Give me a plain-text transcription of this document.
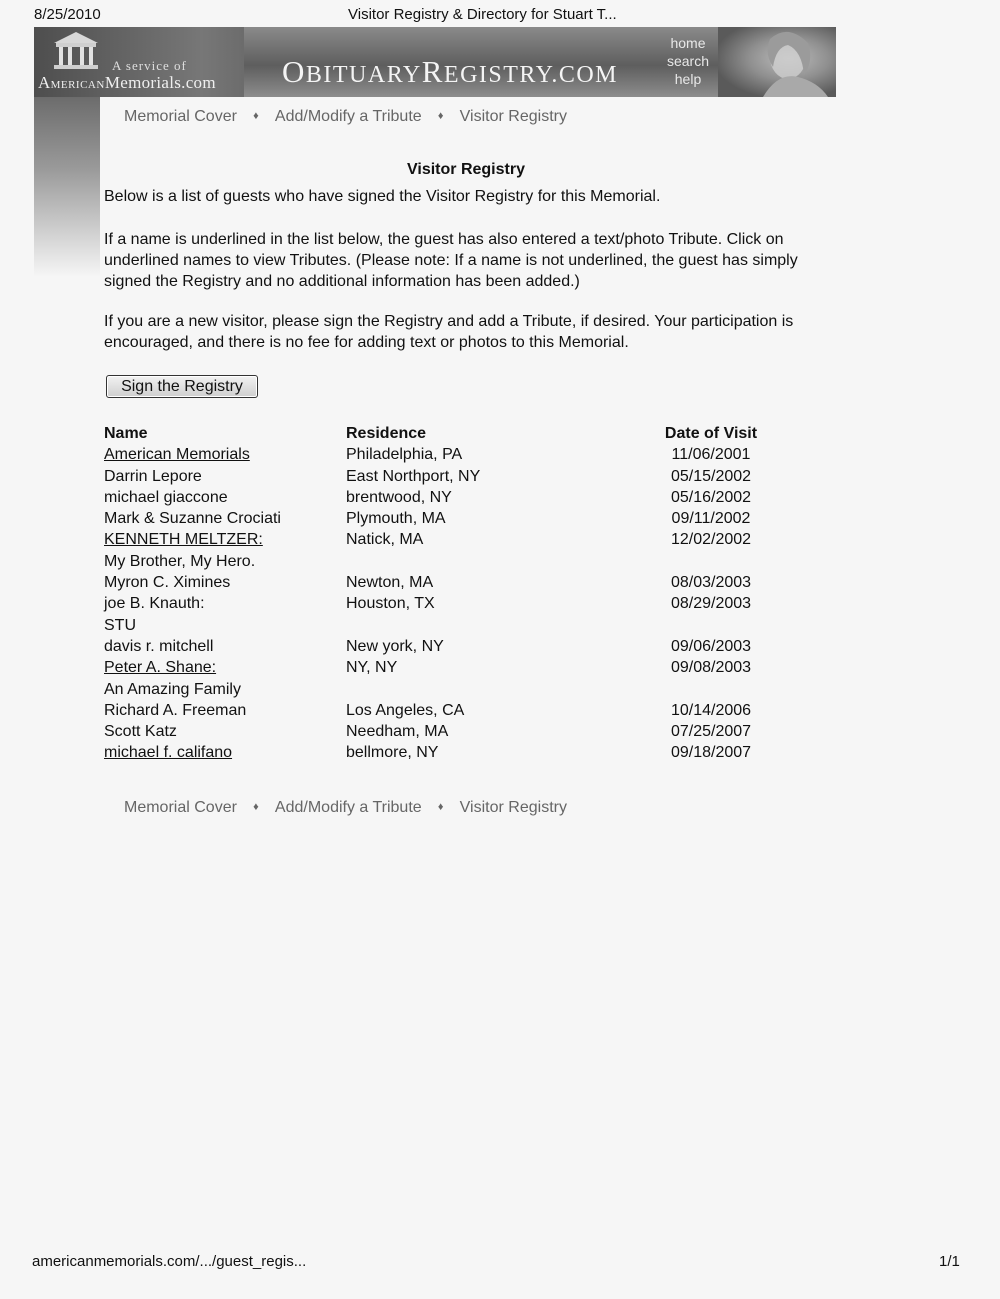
8/25/2010	Visitor Registry & Directory for Stuart T...
A service of
AMERICANMemorials.com OBITUARYREGISTRY.COM
home
search
help
Memorial Cover ♦ Add/Modify a Tribute ♦ Visitor Registry
Visitor Registry

Below is a list of guests who have signed the Visitor Registry for this Memorial.

If a name is underlined in the list below, the guest has also entered a text/photo Tribute. Click on underlined names to view Tributes. (Please note: If a name is not underlined, the guest has simply signed the Registry and no additional information has been added.)

If you are a new visitor, please sign the Registry and add a Tribute, if desired. Your participation is encouraged, and there is no fee for adding text or photos to this Memorial.

Sign the Registry
Name	Residence	Date of Visit
American Memorials	Philadelphia, PA	11/06/2001
Darrin Lepore	East Northport, NY	05/15/2002
michael giaccone	brentwood, NY	05/16/2002
Mark & Suzanne Crociati	Plymouth, MA	09/11/2002
KENNETH MELTZER:	Natick, MA	12/02/2002
My Brother, My Hero.
Myron C. Ximines	Newton, MA	08/03/2003
joe B. Knauth:	Houston, TX	08/29/2003
STU
davis r. mitchell	New york, NY	09/06/2003
Peter A. Shane:	NY, NY	09/08/2003
An Amazing Family
Richard A. Freeman	Los Angeles, CA	10/14/2006
Scott Katz	Needham, MA	07/25/2007
michael f. califano	bellmore, NY	09/18/2007
Memorial Cover ♦ Add/Modify a Tribute ♦ Visitor Registry
americanmemorials.com/.../guest_regis...	1/1
